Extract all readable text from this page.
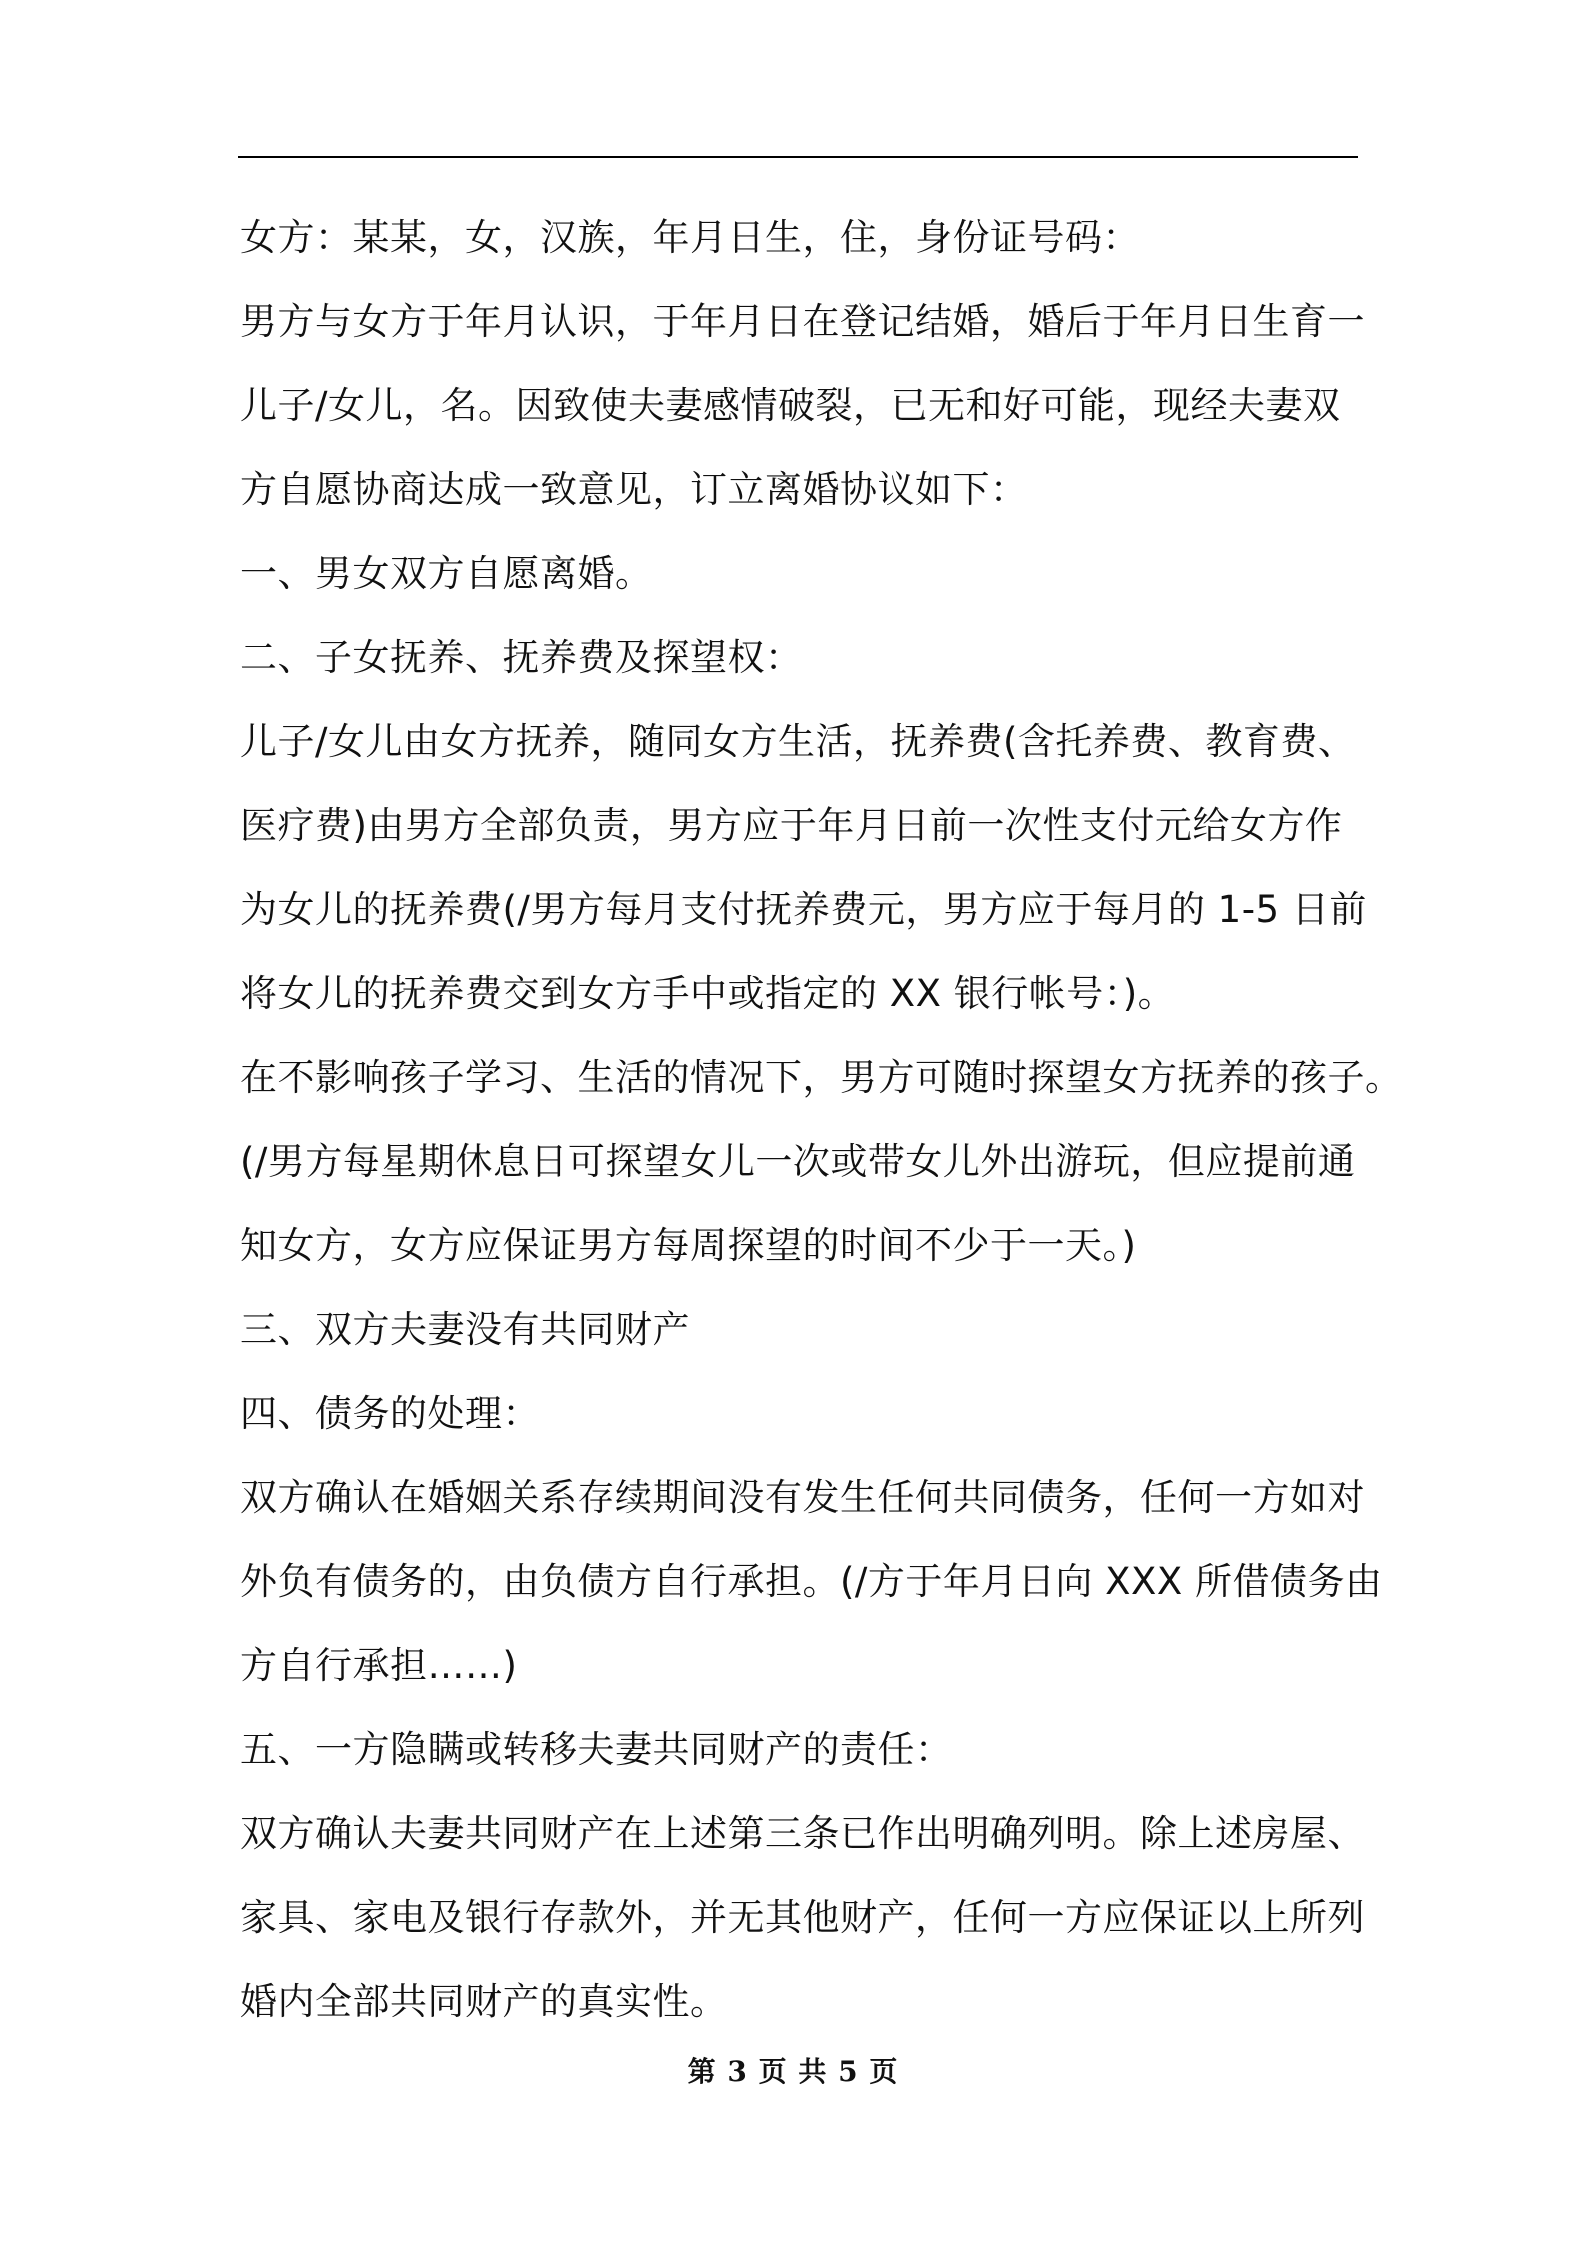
女方：某某，女，汉族，年月日生，住，身份证号码：
男方与女方于年月认识，于年月日在登记结婚，婚后于年月日生育一
儿子/女儿，名。因致使夫妻感情破裂，已无和好可能，现经夫妻双
方自愿协商达成一致意见，订立离婚协议如下：
一、男女双方自愿离婚。
二、子女抚养、抚养费及探望权：
儿子/女儿由女方抚养，随同女方生活，抚养费(含托养费、教育费、
医疗费)由男方全部负责，男方应于年月日前一次性支付元给女方作
为女儿的抚养费(/男方每月支付抚养费元，男方应于每月的 1-5 日前
将女儿的抚养费交到女方手中或指定的 XX 银行帐号：)。
在不影响孩子学习、生活的情况下，男方可随时探望女方抚养的孩子。
(/男方每星期休息日可探望女儿一次或带女儿外出游玩，但应提前通
知女方，女方应保证男方每周探望的时间不少于一天。)
三、双方夫妻没有共同财产
四、债务的处理：
双方确认在婚姻关系存续期间没有发生任何共同债务，任何一方如对
外负有债务的，由负债方自行承担。(/方于年月日向 XXX 所借债务由
方自行承担……)
五、一方隐瞒或转移夫妻共同财产的责任：
双方确认夫妻共同财产在上述第三条已作出明确列明。除上述房屋、
家具、家电及银行存款外，并无其他财产，任何一方应保证以上所列
婚内全部共同财产的真实性。
第 3 页 共 5 页
